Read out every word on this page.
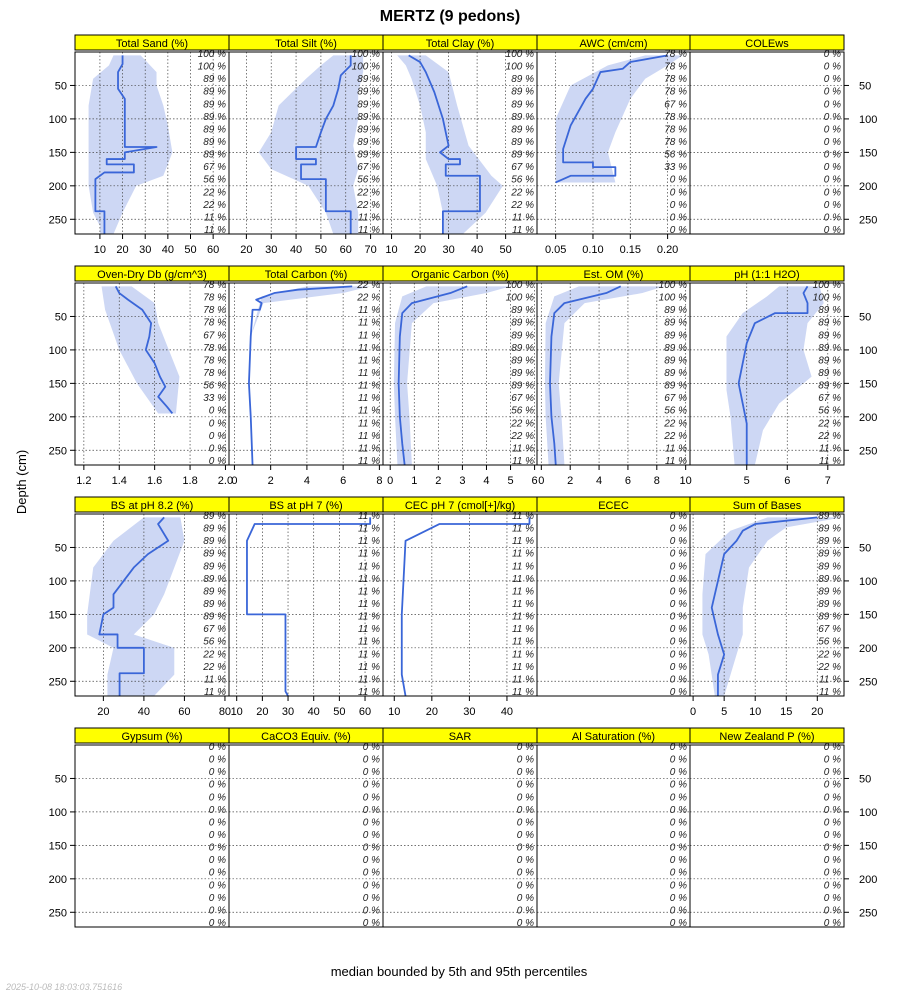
MERTZ (9 pedons)
Total Sand (%)
100 %
100 %
89 %
89 %
89 %
89 %
89 %
89 %
89 %
67 %
56 %
22 %
22 %
11 %
11 %
10 20 30 40 50 60
Total Silt (%)
100 %
100 %
89 %
89 %
89 %
89 %
89 %
89 %
89 %
67 %
56 %
22 %
22 %
11 %
11 %
20 30 40 50 60 70
Total Clay (%)
100 %
100 %
89 %
89 %
89 %
89 %
89 %
89 %
89 %
67 %
56 %
22 %
22 %
11 %
11 %
10 20 30 40 50
AWC (cm/cm)
78 %
78 %
78 %
78 %
67 %
78 %
78 %
78 %
56 %
33 %
0 %
0 %
0 %
0 %
0 %
0.05 0.10 0.15 0.20
COLEws
0 %
0 %
0 %
0 %
0 %
0 %
0 %
0 %
0 %
0 %
0 %
0 %
0 %
0 %
0 %
Oven-Dry Db (g/cm^3)
78 %
78 %
78 %
78 %
67 %
78 %
78 %
78 %
56 %
33 %
0 %
0 %
0 %
0 %
0 %
1.2 1.4 1.6 1.8 2.0
Total Carbon (%)
22 %
22 %
11 %
11 %
11 %
11 %
11 %
11 %
11 %
11 %
11 %
11 %
11 %
11 %
11 %
0	2	4	6	8
Organic Carbon (%)
100 %
100 %
89 %
89 %
89 %
89 %
89 %
89 %
89 %
67 %
56 %
22 %
22 %
11 %
11 %
0 1 2 3 4 5 6
Est. OM (%)
100 %
100 %
89 %
89 %
89 %
89 %
89 %
89 %
89 %
67 %
56 %
22 %
22 %
11 %
11 %
0 2 4 6 8 10
pH (1:1 H2O)
100 %
100 %
89 %
89 %
89 %
89 %
89 %
89 %
89 %
67 %
56 %
22 %
22 %
11 %
11 %
5	6	7
BS at pH 8.2 (%)
89 %
89 %
89 %
89 %
89 %
89 %
89 %
89 %
89 %
67 %
56 %
22 %
22 %
11 %
11 %
20	40	60	80
BS at pH 7 (%)
11 %
11 %
11 %
11 %
11 %
11 %
11 %
11 %
11 %
11 %
11 %
11 %
11 %
11 %
11 %
10 20 30 40 50 60
CEC pH 7 (cmol[+]/kg)
11 %
11 %
11 %
11 %
11 %
11 %
11 %
11 %
11 %
11 %
11 %
11 %
11 %
11 %
11 %
10 20 30 40
ECEC
0 %
0 %
0 %
0 %
0 %
0 %
0 %
0 %
0 %
0 %
0 %
0 %
0 %
0 %
0 %
Sum of Bases
89 %
89 %
89 %
89 %
89 %
89 %
89 %
89 %
89 %
67 %
56 %
22 %
22 %
11 %
11 %
0 5 10 15 20
Gypsum (%)
0 %
0 %
0 %
0 %
0 %
0 %
0 %
0 %
0 %
0 %
0 %
0 %
0 %
0 %
0 %
CaCO3 Equiv. (%)
0 %
0 %
0 %
0 %
0 %
0 %
0 %
0 %
0 %
0 %
0 %
0 %
0 %
0 %
0 %
SAR
0 %
0 %
0 %
0 %
0 %
0 %
0 %
0 %
0 %
0 %
0 %
0 %
0 %
0 %
0 %
Al Saturation (%)
0 %
0 %
0 %
0 %
0 %
0 %
0 %
0 %
0 %
0 %
0 %
0 %
0 %
0 %
0 %
New Zealand P (%)
0 %
0 %
0 %
0 %
0 %
0 %
0 %
0 %
0 %
0 %
0 %
0 %
0 %
0 %
0 %
50	50
100	100
150	150
200	200
250	250
50	50
100	100
150	150
200	200
250	250
50	50
100	100
150	150
200	200
250	250
50	50
100	100
150	150
200	200
250	250
Depth (cm)
median bounded by 5th and 95th percentiles
2025-10-08 18:03:03.751616
